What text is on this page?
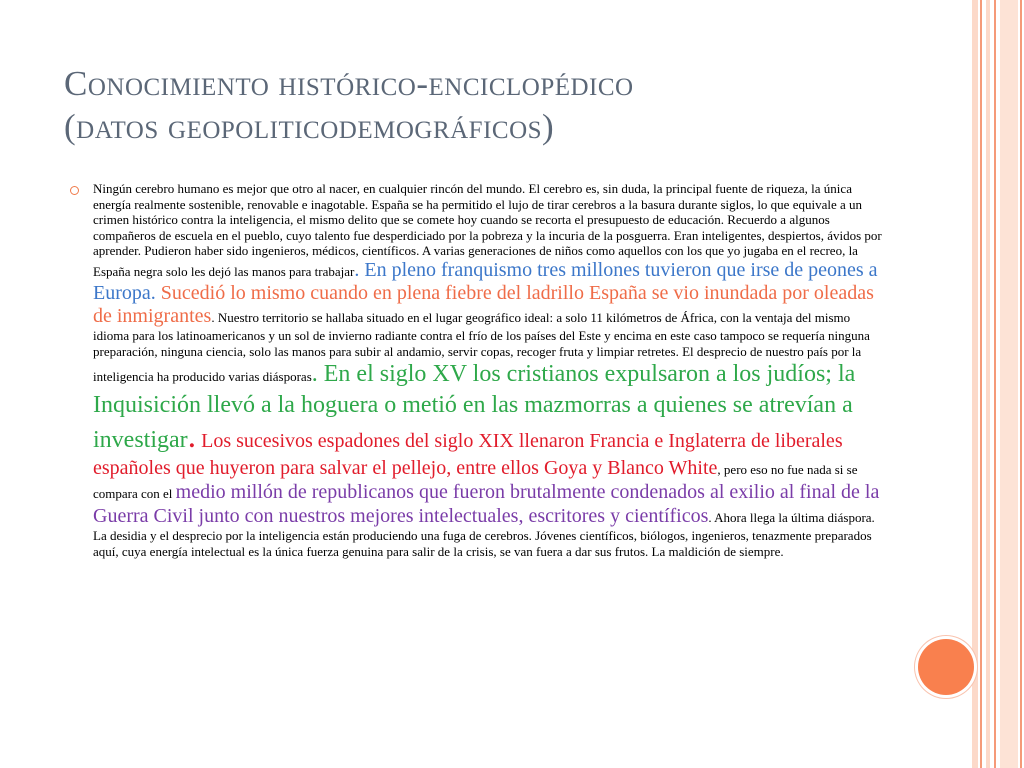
Conocimiento histórico-enciclopédico
(datos geopoliticodemográficos)

Ningún cerebro humano es mejor que otro al nacer, en cualquier rincón del mundo. El cerebro es, sin duda, la principal fuente de riqueza, la única energía realmente sostenible, renovable e inagotable. España se ha permitido el lujo de tirar cerebros a la basura durante siglos, lo que equivale a un crimen histórico contra la inteligencia, el mismo delito que se comete hoy cuando se recorta el presupuesto de educación. Recuerdo a algunos compañeros de escuela en el pueblo, cuyo talento fue desperdiciado por la pobreza y la incuria de la posguerra. Eran inteligentes, despiertos, ávidos por aprender. Pudieron haber sido ingenieros, médicos, científicos. A varias generaciones de niños como aquellos con los que yo jugaba en el recreo, la España negra solo les dejó las manos para trabajar. En pleno franquismo tres millones tuvieron que irse de peones a Europa. Sucedió lo mismo cuando en plena fiebre del ladrillo España se vio inundada por oleadas de inmigrantes. Nuestro territorio se hallaba situado en el lugar geográfico ideal: a solo 11 kilómetros de África, con la ventaja del mismo idioma para los latinoamericanos y un sol de invierno radiante contra el frío de los países del Este y encima en este caso tampoco se requería ninguna preparación, ninguna ciencia, solo las manos para subir al andamio, servir copas, recoger fruta y limpiar retretes. El desprecio de nuestro país por la inteligencia ha producido varias diásporas. En el siglo XV los cristianos expulsaron a los judíos; la Inquisición llevó a la hoguera o metió en las mazmorras a quienes se atrevían a investigar. Los sucesivos espadones del siglo XIX llenaron Francia e Inglaterra de liberales españoles que huyeron para salvar el pellejo, entre ellos Goya y Blanco White, pero eso no fue nada si se compara con el medio millón de republicanos que fueron brutalmente condenados al exilio al final de la Guerra Civil junto con nuestros mejores intelectuales, escritores y científicos. Ahora llega la última diáspora. La desidia y el desprecio por la inteligencia están produciendo una fuga de cerebros. Jóvenes científicos, biólogos, ingenieros, tenazmente preparados aquí, cuya energía intelectual es la única fuerza genuina para salir de la crisis, se van fuera a dar sus frutos. La maldición de siempre.
